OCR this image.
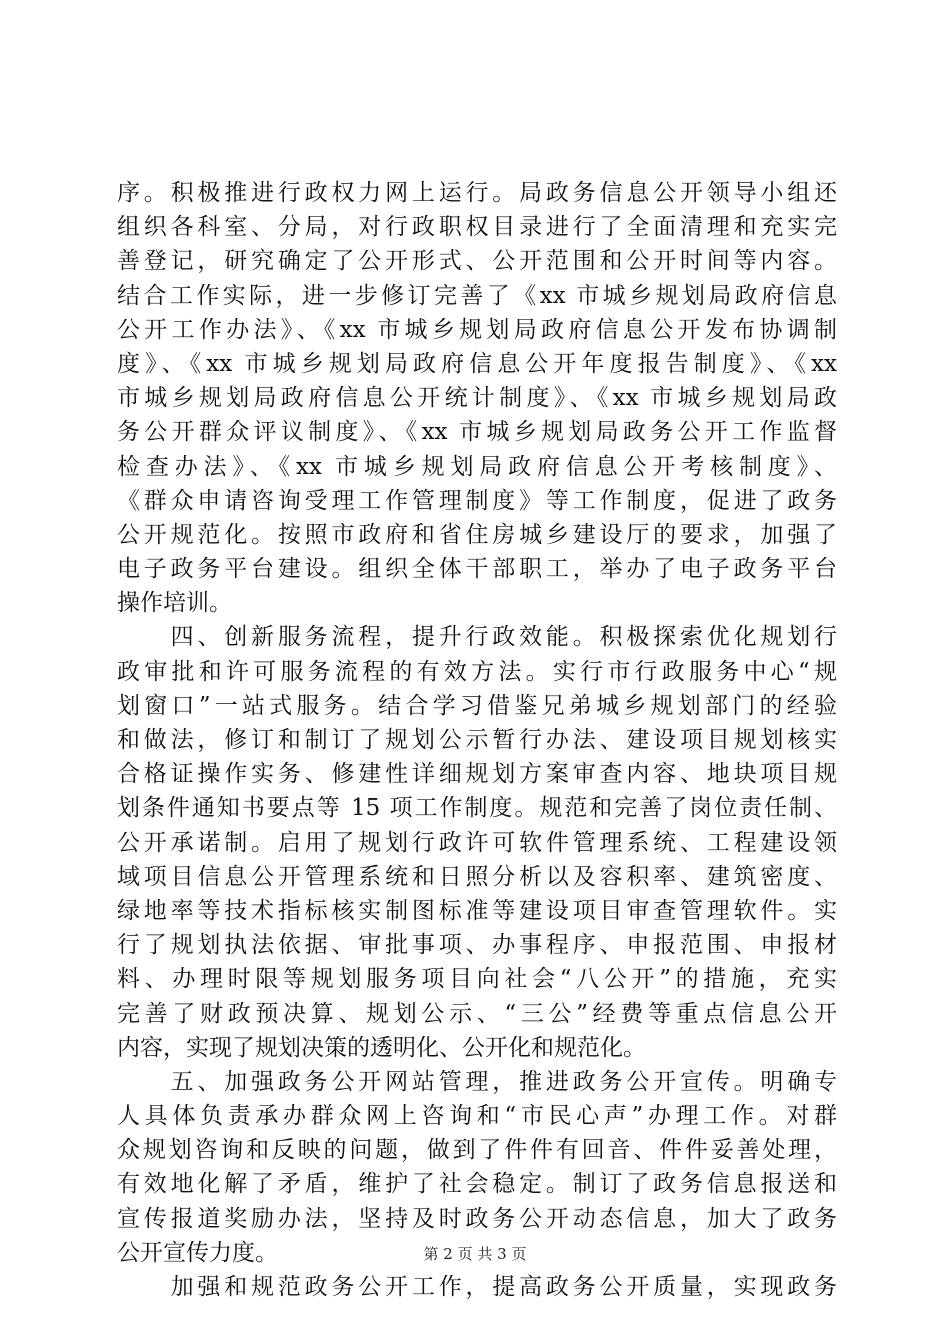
序。积极推进行政权力网上运行。局政务信息公开领导小组还
组织各科室、分局，对行政职权目录进行了全面清理和充实完
善登记，研究确定了公开形式、公开范围和公开时间等内容。
结合工作实际，进一步修订完善了《xx 市城乡规划局政府信息
公开工作办法》、《xx 市城乡规划局政府信息公开发布协调制
度》、《xx 市城乡规划局政府信息公开年度报告制度》、《xx
市城乡规划局政府信息公开统计制度》、《xx 市城乡规划局政
务公开群众评议制度》、《xx 市城乡规划局政务公开工作监督
检查办法》、《xx 市城乡规划局政府信息公开考核制度》、
《群众申请咨询受理工作管理制度》等工作制度，促进了政务
公开规范化。按照市政府和省住房城乡建设厅的要求，加强了
电子政务平台建设。组织全体干部职工，举办了电子政务平台
操作培训。
　　四、创新服务流程，提升行政效能。积极探索优化规划行
政审批和许可服务流程的有效方法。实行市行政服务中心“规
划窗口”一站式服务。结合学习借鉴兄弟城乡规划部门的经验
和做法，修订和制订了规划公示暂行办法、建设项目规划核实
合格证操作实务、修建性详细规划方案审查内容、地块项目规
划条件通知书要点等 15 项工作制度。规范和完善了岗位责任制、
公开承诺制。启用了规划行政许可软件管理系统、工程建设领
域项目信息公开管理系统和日照分析以及容积率、建筑密度、
绿地率等技术指标核实制图标准等建设项目审查管理软件。实
行了规划执法依据、审批事项、办事程序、申报范围、申报材
料、办理时限等规划服务项目向社会“八公开”的措施，充实
完善了财政预决算、规划公示、“三公”经费等重点信息公开
内容，实现了规划决策的透明化、公开化和规范化。
　　五、加强政务公开网站管理，推进政务公开宣传。明确专
人具体负责承办群众网上咨询和“市民心声”办理工作。对群
众规划咨询和反映的问题，做到了件件有回音、件件妥善处理，
有效地化解了矛盾，维护了社会稳定。制订了政务信息报送和
宣传报道奖励办法，坚持及时政务公开动态信息，加大了政务
公开宣传力度。
　　加强和规范政务公开工作，提高政务公开质量，实现政务
第 2 页 共 3 页
